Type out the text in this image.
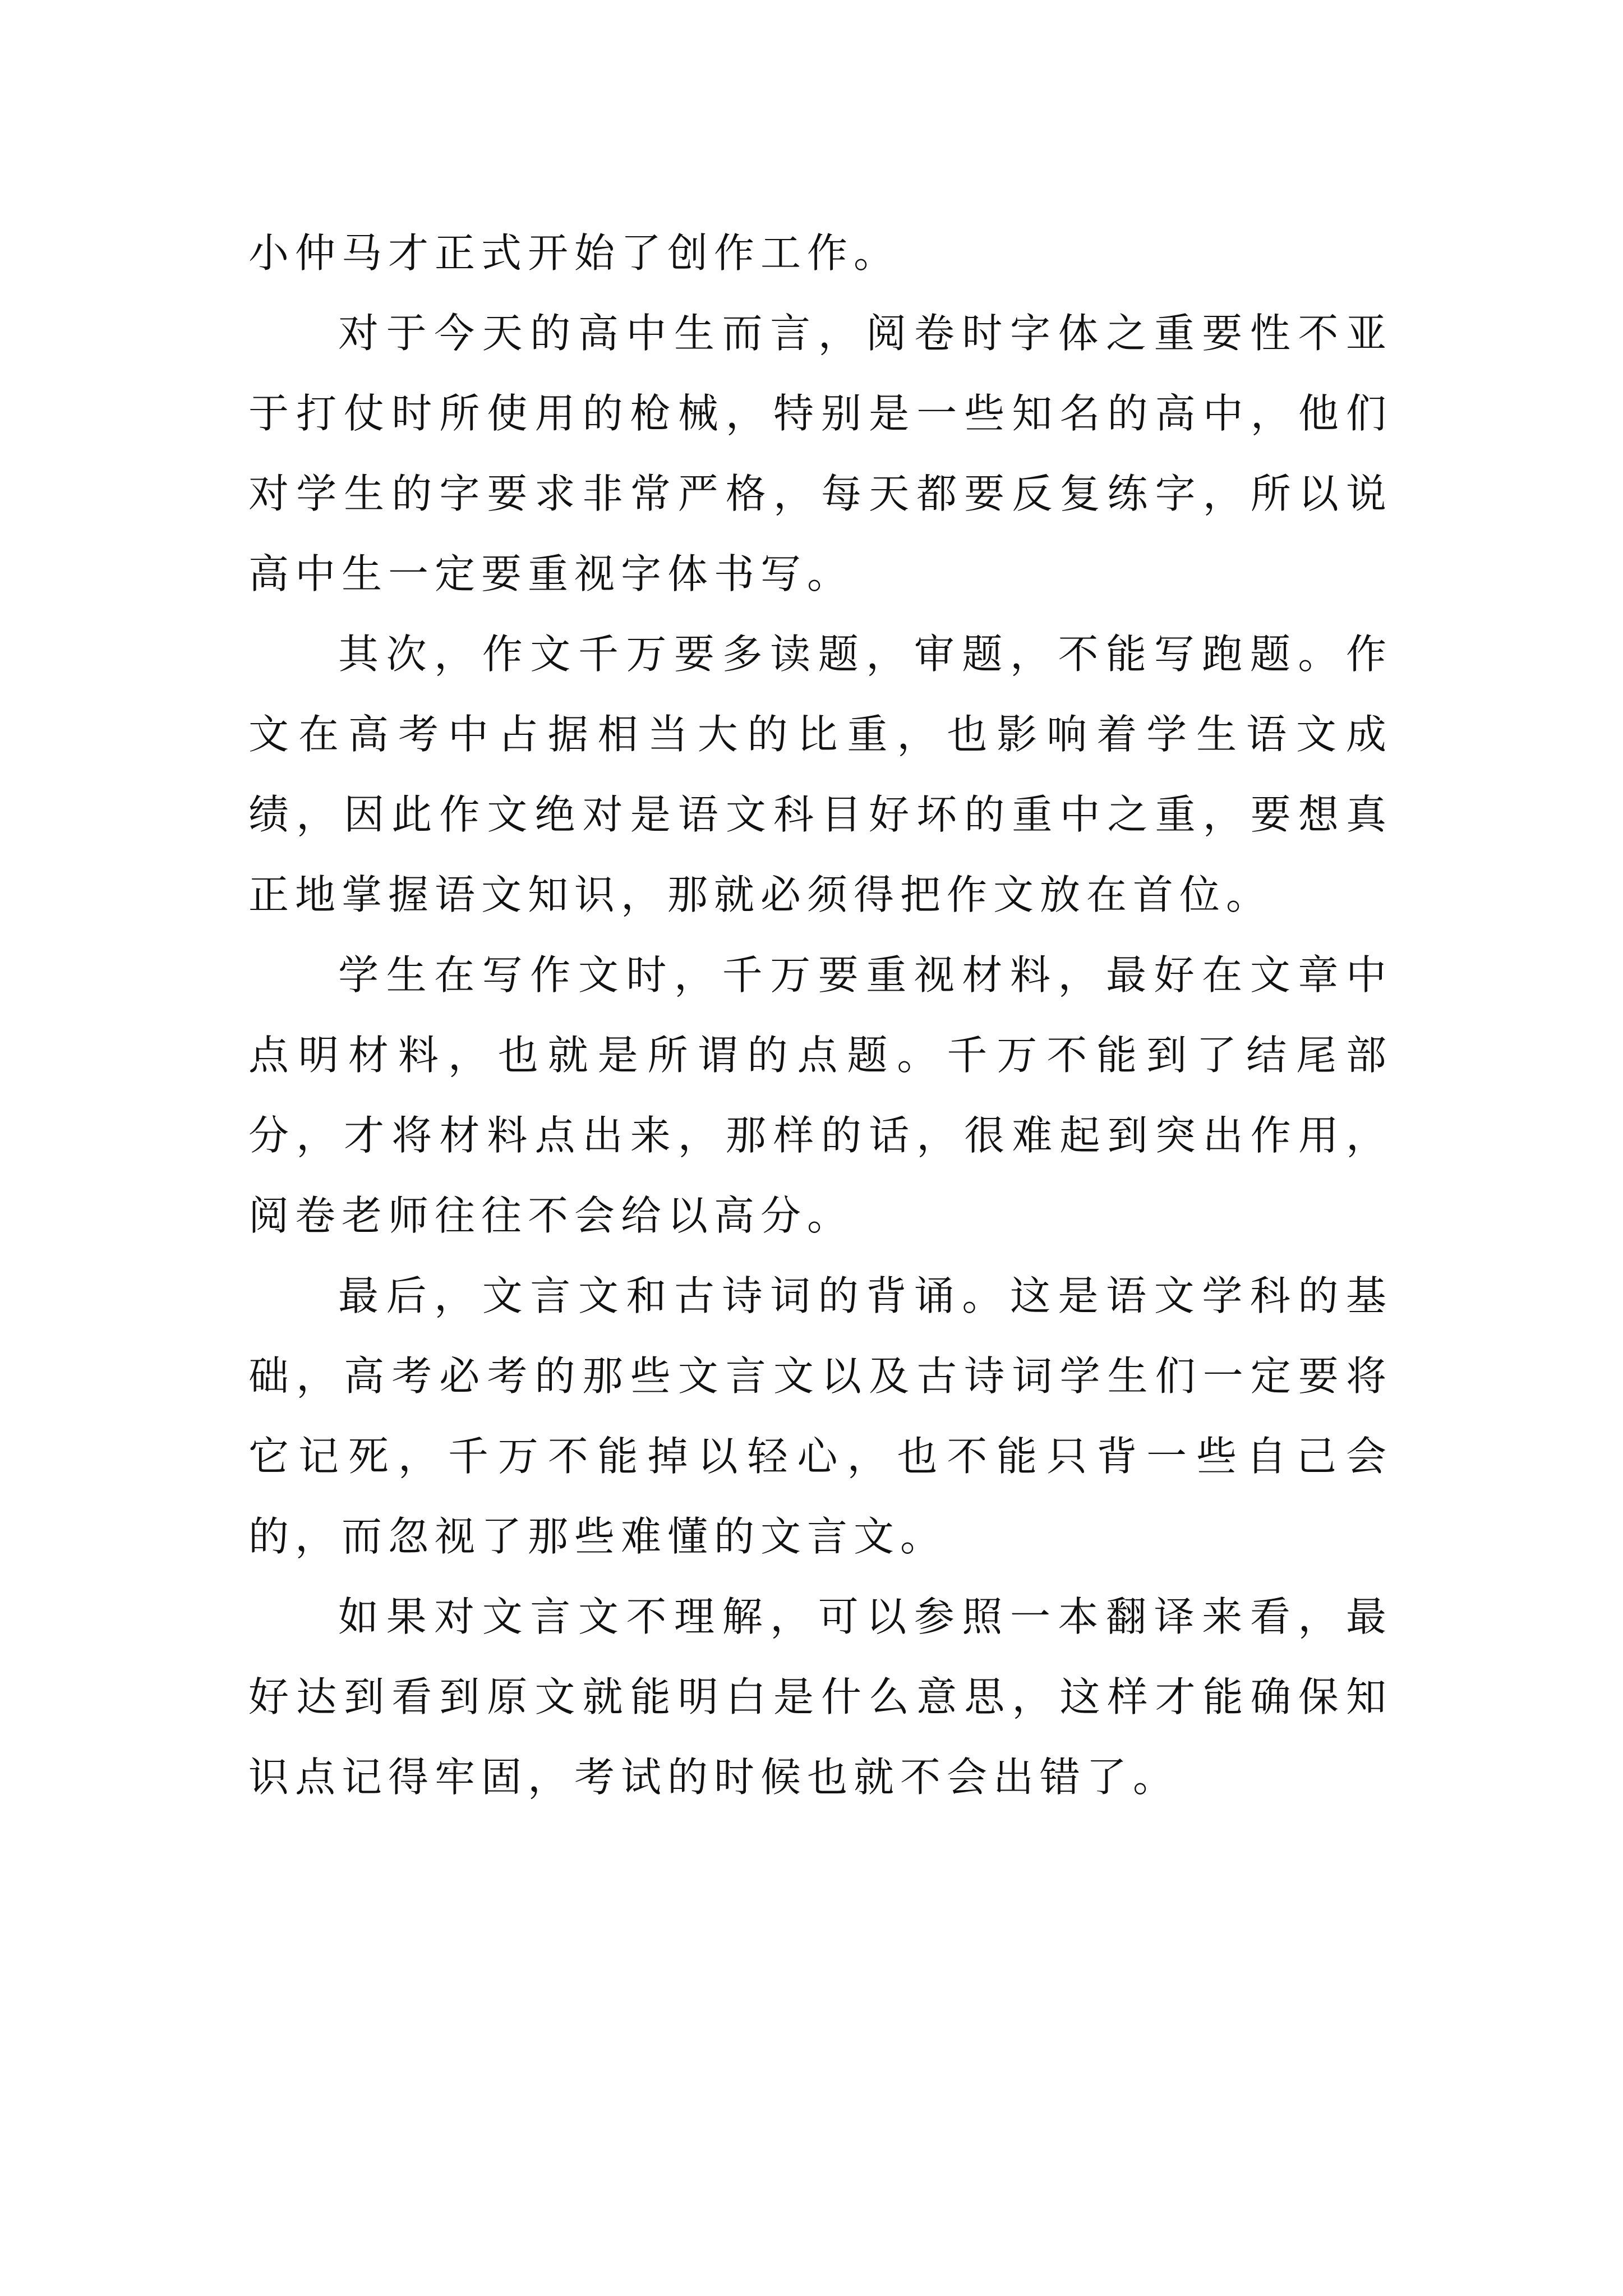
小仲马才正式开始了创作工作。

对于今天的高中生而言，阅卷时字体之重要性不亚于打仗时所使用的枪械，特别是一些知名的高中，他们对学生的字要求非常严格，每天都要反复练字，所以说高中生一定要重视字体书写。

其次，作文千万要多读题，审题，不能写跑题。作文在高考中占据相当大的比重，也影响着学生语文成绩，因此作文绝对是语文科目好坏的重中之重，要想真正地掌握语文知识，那就必须得把作文放在首位。

学生在写作文时，千万要重视材料，最好在文章中点明材料，也就是所谓的点题。千万不能到了结尾部分，才将材料点出来，那样的话，很难起到突出作用，阅卷老师往往不会给以高分。

最后，文言文和古诗词的背诵。这是语文学科的基础，高考必考的那些文言文以及古诗词学生们一定要将它记死，千万不能掉以轻心，也不能只背一些自己会的，而忽视了那些难懂的文言文。

如果对文言文不理解，可以参照一本翻译来看，最好达到看到原文就能明白是什么意思，这样才能确保知识点记得牢固，考试的时候也就不会出错了。
